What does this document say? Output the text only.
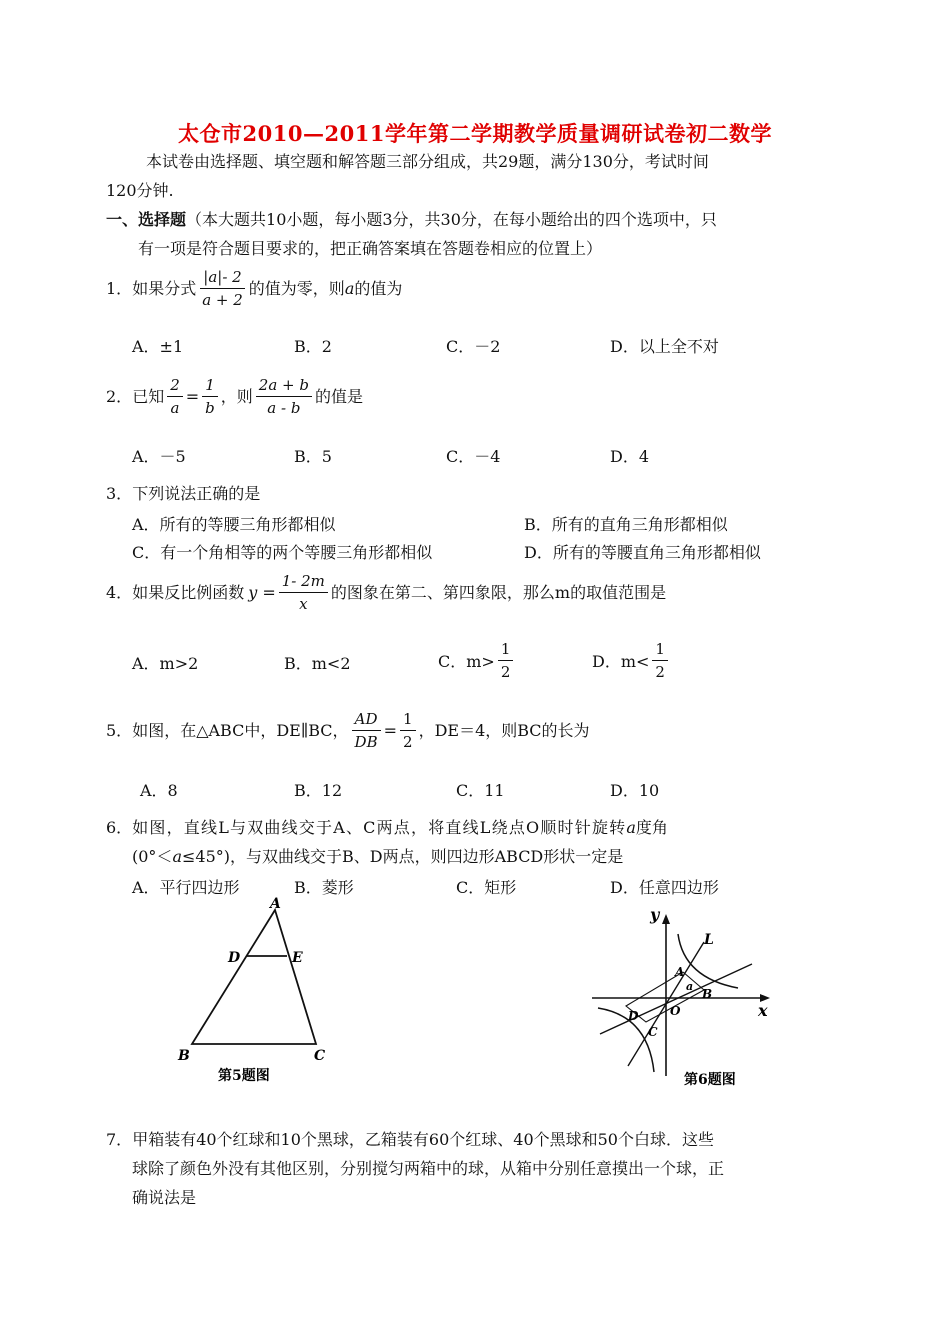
太仓市2010—2011学年第二学期教学质量调研试卷初二数学
本试卷由选择题、填空题和解答题三部分组成，共29题，满分130分，考试时间
120分钟.
一、选择题（本大题共10小题，每小题3分，共30分，在每小题给出的四个选项中，只
有一项是符合题目要求的，把正确答案填在答题卷相应的位置上）
1． 如果分式 $\frac{|a|- 2}{a + 2}$ 的值为零，则 a 的值为
A．±1	B．2	C．－2	D．以上全不对
2． 已知 $\frac{2}{a} = \frac{1}{b}$ ，则 $\frac{2a + b}{a - b}$ 的值是
A．－5	B．5	C．－4	D．4
3．下列说法正确的是
A．所有的等腰三角形都相似	B．所有的直角三角形都相似
C．有一个角相等的两个等腰三角形都相似	D．所有的等腰直角三角形都相似
4． 如果反比例函数 $y = \frac{1- 2m}{x}$ 的图象在第二、第四象限，那么m的取值范围是
A．m>2	B．m<2	C．$m> \frac{1}{2}$	D．$m< \frac{1}{2}$
5． 如图，在△ABC中，DE∥BC， $\frac{AD}{DB} = \frac{1}{2}$ ，DE＝4，则BC的长为
A．8	B．12	C．11	D．10
6．如图，直线L与双曲线交于A、C两点，将直线L绕点O顺时针旋转a度角
(0°＜a≤45°)，与双曲线交于B、D两点，则四边形ABCD形状一定是
A．平行四边形	B．菱形	C．矩形	D．任意四边形
A
D	E
B	C
第5题图
y
L
A
a
B
O	x
D
C
第6题图
7．甲箱装有40个红球和10个黑球，乙箱装有60个红球、40个黑球和50个白球．这些
球除了颜色外没有其他区别，分别搅匀两箱中的球，从箱中分别任意摸出一个球，正
确说法是
